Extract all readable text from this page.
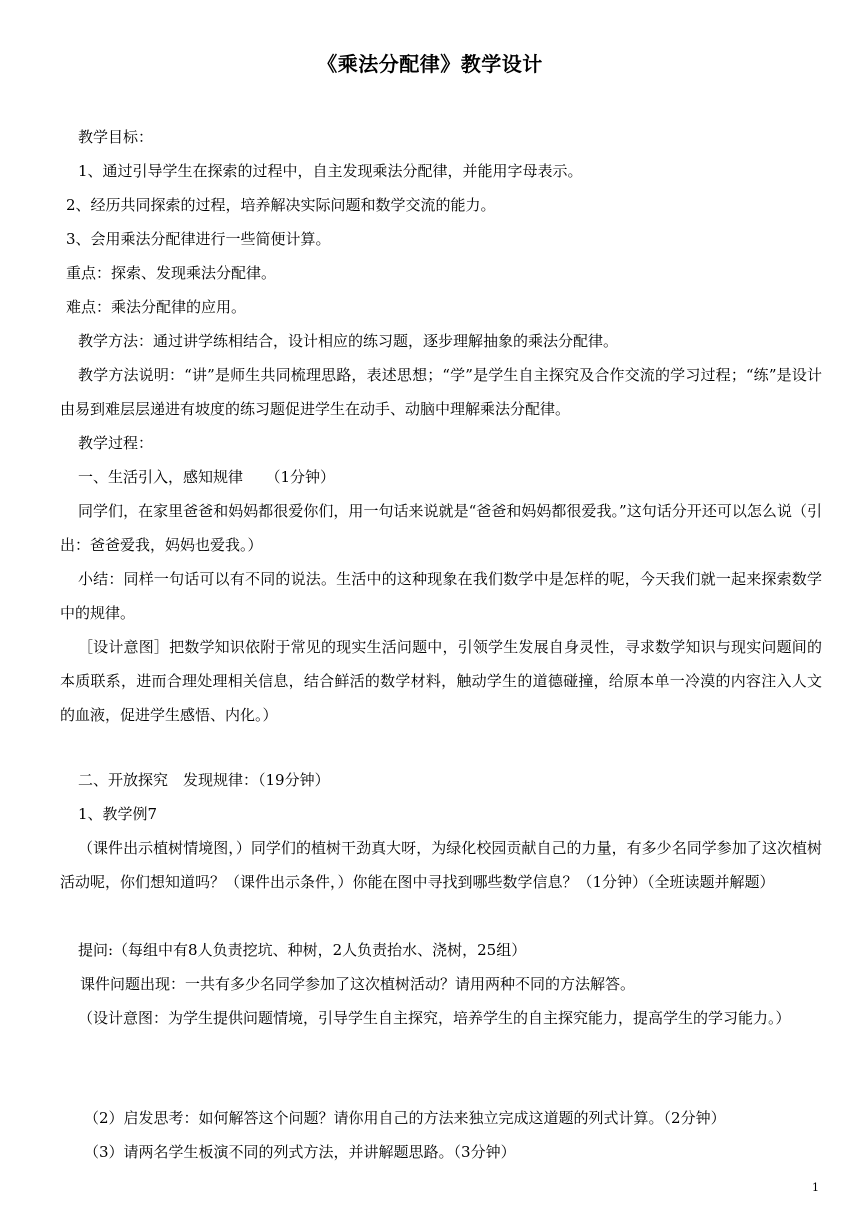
《乘法分配律》教学设计
教学目标：
1、通过引导学生在探索的过程中，自主发现乘法分配律，并能用字母表示。
2、经历共同探索的过程，培养解决实际问题和数学交流的能力。
3、会用乘法分配律进行一些简便计算。
重点：探索、发现乘法分配律。
难点：乘法分配律的应用。
教学方法：通过讲学练相结合，设计相应的练习题，逐步理解抽象的乘法分配律。
教学方法说明：“讲”是师生共同梳理思路，表述思想；“学”是学生自主探究及合作交流的学习过程；“练”是设计由易到难层层递进有坡度的练习题促进学生在动手、动脑中理解乘法分配律。
教学过程：
一、生活引入，感知规律　　（1分钟）
同学们，在家里爸爸和妈妈都很爱你们，用一句话来说就是“爸爸和妈妈都很爱我。”这句话分开还可以怎么说（引出：爸爸爱我，妈妈也爱我。）
小结：同样一句话可以有不同的说法。生活中的这种现象在我们数学中是怎样的呢，今天我们就一起来探索数学中的规律。
［设计意图］把数学知识依附于常见的现实生活问题中，引领学生发展自身灵性，寻求数学知识与现实问题间的本质联系，进而合理处理相关信息，结合鲜活的数学材料，触动学生的道德碰撞，给原本单一冷漠的内容注入人文的血液，促进学生感悟、内化。）
二、开放探究　发现规律：（19分钟）
1、教学例7
（课件出示植树情境图，）同学们的植树干劲真大呀，为绿化校园贡献自己的力量，有多少名同学参加了这次植树活动呢，你们想知道吗？（课件出示条件，）你能在图中寻找到哪些数学信息？（1分钟）（全班读题并解题）
提问:（每组中有8人负责挖坑、种树，2人负责抬水、浇树，25组）
课件问题出现：一共有多少名同学参加了这次植树活动？请用两种不同的方法解答。
（设计意图：为学生提供问题情境，引导学生自主探究，培养学生的自主探究能力，提高学生的学习能力。）
（2）启发思考：如何解答这个问题？请你用自己的方法来独立完成这道题的列式计算。（2分钟）
（3）请两名学生板演不同的列式方法，并讲解题思路。（3分钟）
1
